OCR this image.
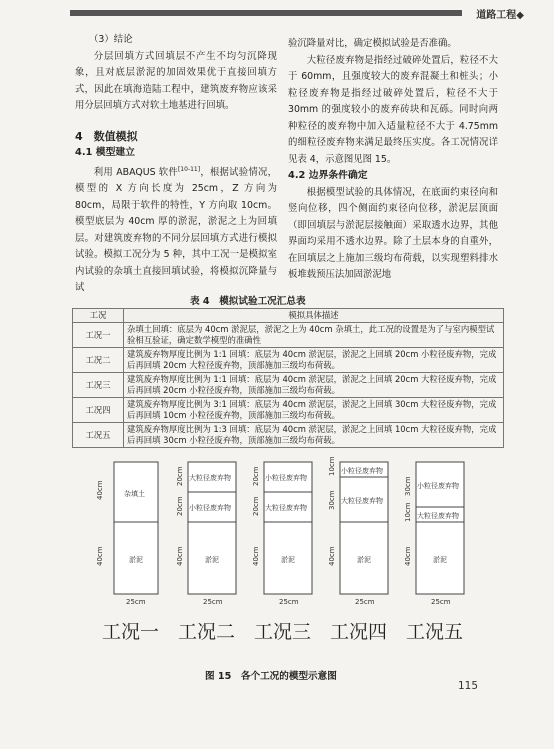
道路工程◆

（3）结论

分层回填方式回填层不产生不均匀沉降现象，且对底层淤泥的加固效果优于直接回填方式，因此在填海造陆工程中，建筑废弃物应该采用分层回填方式对软土地基进行回填。

4　数值模拟

4.1 模型建立

利用 ABAQUS 软件[10-11]，根据试验情况，模型的 X 方向长度为 25cm，Z 方向为 80cm，局限于软件的特性，Y 方向取 10cm。模型底层为 40cm 厚的淤泥，淤泥之上为回填层。对建筑废弃物的不同分层回填方式进行模拟试验。模拟工况分为 5 种，其中工况一是模拟室内试验的杂填土直接回填试验，将模拟沉降量与试

验沉降量对比，确定模拟试验是否准确。

大粒径废弃物是指经过破碎处置后，粒径不大于 60mm，且强度较大的废弃混凝土和桩头；小粒径废弃物是指经过破碎处置后，粒径不大于 30mm 的强度较小的废弃砖块和瓦砾。同时向两种粒径的废弃物中加入适量粒径不大于 4.75mm 的细粒径废弃物来满足最终压实度。各工况情况详见表 4，示意图见图 15。

4.2 边界条件确定

根据模型试验的具体情况，在底面约束径向和竖向位移，四个侧面约束径向位移，淤泥层顶面（即回填层与淤泥层接触面）采取透水边界，其他界面均采用不透水边界。除了土层本身的自重外，在回填层之上施加三级均布荷载，以实现塑料排水板堆载预压法加固淤泥地

表 4　模拟试验工况汇总表
工况	模拟具体描述
工况一	杂填土回填：底层为 40cm 淤泥层，淤泥之上为 40cm 杂填土，此工况的设置是为了与室内模型试验相互验证，确定数学模型的准确性
工况二	建筑废弃物厚度比例为 1:1 回填：底层为 40cm 淤泥层，淤泥之上回填 20cm 小粒径废弃物，完成后再回填 20cm 大粒径废弃物，顶部施加三级均布荷载。
工况三	建筑废弃物厚度比例为 1:1 回填：底层为 40cm 淤泥层，淤泥之上回填 20cm 大粒径废弃物，完成后再回填 20cm 小粒径废弃物，顶部施加三级均布荷载。
工况四	建筑废弃物厚度比例为 3:1 回填：底层为 40cm 淤泥层，淤泥之上回填 30cm 大粒径废弃物，完成后再回填 10cm 小粒径废弃物，顶部施加三级均布荷载。
工况五	建筑废弃物厚度比例为 1:3 回填：底层为 40cm 淤泥层，淤泥之上回填 10cm 大粒径废弃物，完成后再回填 30cm 小粒径废弃物，顶部施加三级均布荷载。
杂填土
淤泥
40cm
40cm
25cm
工况一
大粒径废弃物
小粒径废弃物
淤泥
20cm
20cm
40cm
25cm
工况二
小粒径废弃物
大粒径废弃物
淤泥
20cm
20cm
40cm
25cm
工况三
小粒径废弃物
大粒径废弃物
淤泥
10cm
30cm
40cm
25cm
工况四
小粒径废弃物
大粒径废弃物
淤泥
30cm
10cm
40cm
25cm
工况五
图 15　各个工况的模型示意图
115
